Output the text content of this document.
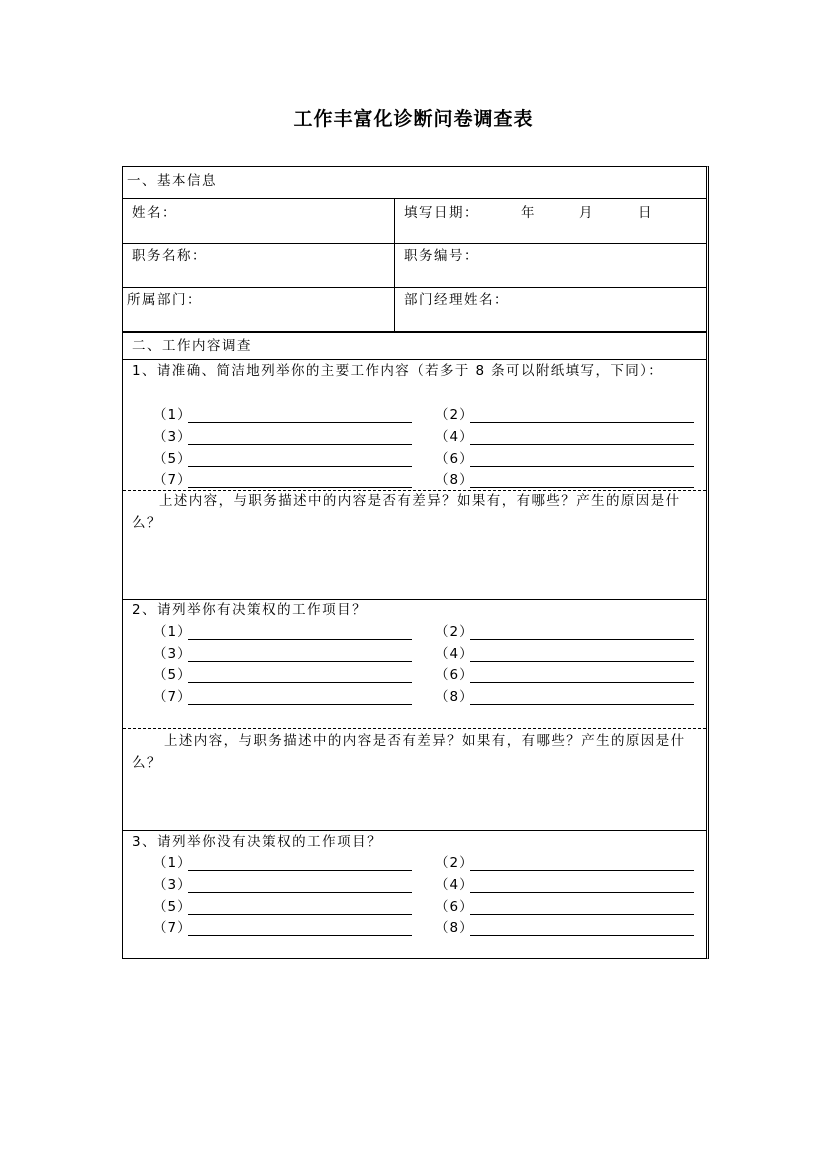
工作丰富化诊断问卷调查表
一、基本信息
姓名：	填写日期：	年	月	日
职务名称：	职务编号：
所属部门：	部门经理姓名：
二、工作内容调查
1、请准确、简洁地列举你的主要工作内容（若多于 8 条可以附纸填写，下同）：
（1）	（2）
（3）	（4）
（5）	（6）
（7）	（8）
上述内容，与职务描述中的内容是否有差异？如果有，有哪些？产生的原因是什么？
2、请列举你有决策权的工作项目？
（1）	（2）
（3）	（4）
（5）	（6）
（7）	（8）
上述内容，与职务描述中的内容是否有差异？如果有，有哪些？产生的原因是什么？
3、请列举你没有决策权的工作项目？
（1）	（2）
（3）	（4）
（5）	（6）
（7）	（8）
